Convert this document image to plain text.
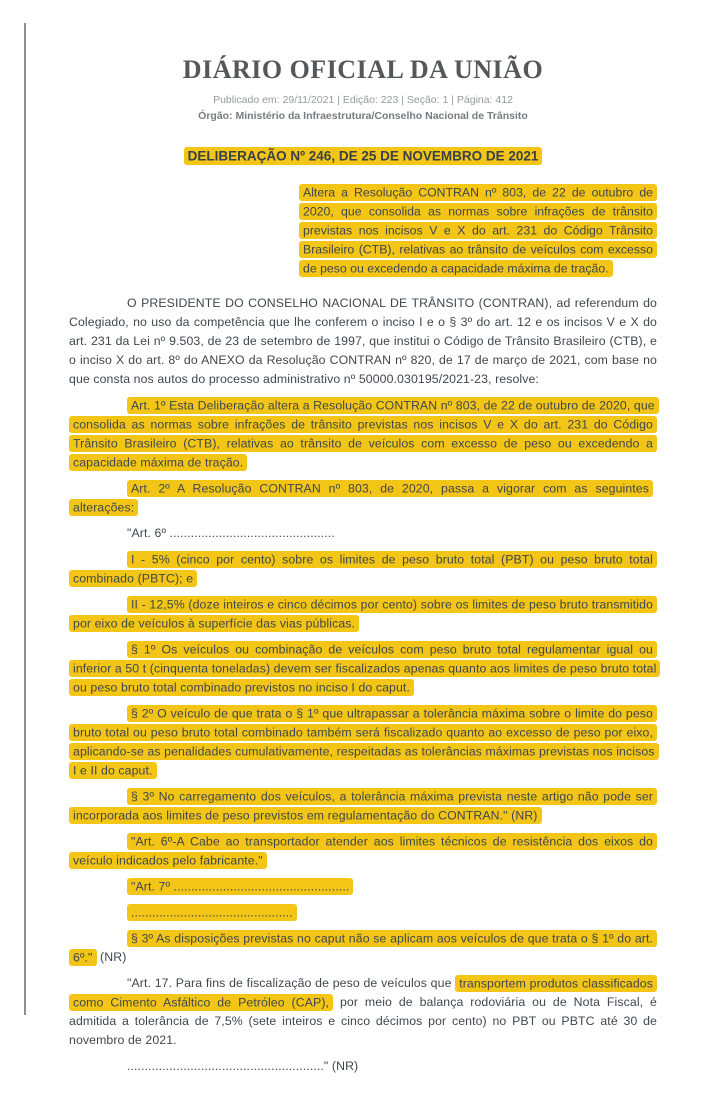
DIÁRIO OFICIAL DA UNIÃO
Publicado em: 29/11/2021 | Edição: 223 | Seção: 1 | Página: 412
Órgão: Ministério da Infraestrutura/Conselho Nacional de Trânsito
DELIBERAÇÃO Nº 246, DE 25 DE NOVEMBRO DE 2021

Altera a Resolução CONTRAN nº 803, de 22 de outubro de 2020, que consolida as normas sobre infrações de trânsito previstas nos incisos V e X do art. 231 do Código Trânsito Brasileiro (CTB), relativas ao trânsito de veículos com excesso de peso ou excedendo a capacidade máxima de tração.

O PRESIDENTE DO CONSELHO NACIONAL DE TRÂNSITO (CONTRAN), ad referendum do Colegiado, no uso da competência que lhe conferem o inciso I e o § 3º do art. 12 e os incisos V e X do art. 231 da Lei nº 9.503, de 23 de setembro de 1997, que institui o Código de Trânsito Brasileiro (CTB), e o inciso X do art. 8º do ANEXO da Resolução CONTRAN nº 820, de 17 de março de 2021, com base no que consta nos autos do processo administrativo nº 50000.030195/2021-23, resolve:

Art. 1º Esta Deliberação altera a Resolução CONTRAN nº 803, de 22 de outubro de 2020, que consolida as normas sobre infrações de trânsito previstas nos incisos V e X do art. 231 do Código Trânsito Brasileiro (CTB), relativas ao trânsito de veículos com excesso de peso ou excedendo a capacidade máxima de tração.

Art. 2º A Resolução CONTRAN nº 803, de 2020, passa a vigorar com as seguintes alterações:

"Art. 6º ...............................................

I - 5% (cinco por cento) sobre os limites de peso bruto total (PBT) ou peso bruto total combinado (PBTC); e

II - 12,5% (doze inteiros e cinco décimos por cento) sobre os limites de peso bruto transmitido por eixo de veículos à superfície das vias públicas.

§ 1º Os veículos ou combinação de veículos com peso bruto total regulamentar igual ou inferior a 50 t (cinquenta toneladas) devem ser fiscalizados apenas quanto aos limites de peso bruto total ou peso bruto total combinado previstos no inciso I do caput.

§ 2º O veículo de que trata o § 1º que ultrapassar a tolerância máxima sobre o limite do peso bruto total ou peso bruto total combinado também será fiscalizado quanto ao excesso de peso por eixo, aplicando-se as penalidades cumulativamente, respeitadas as tolerâncias máximas previstas nos incisos I e II do caput.

§ 3º No carregamento dos veículos, a tolerância máxima prevista neste artigo não pode ser incorporada aos limites de peso previstos em regulamentação do CONTRAN." (NR)

"Art. 6º-A Cabe ao transportador atender aos limites técnicos de resistência dos eixos do veículo indicados pelo fabricante."

"Art. 7º ..................................................

..............................................

§ 3º As disposições previstas no caput não se aplicam aos veículos de que trata o § 1º do art. 6º." (NR)

"Art. 17. Para fins de fiscalização de peso de veículos que transportem produtos classificados como Cimento Asfáltico de Petróleo (CAP), por meio de balança rodoviária ou de Nota Fiscal, é admitida a tolerância de 7,5% (sete inteiros e cinco décimos por cento) no PBT ou PBTC até 30 de novembro de 2021.

........................................................" (NR)
